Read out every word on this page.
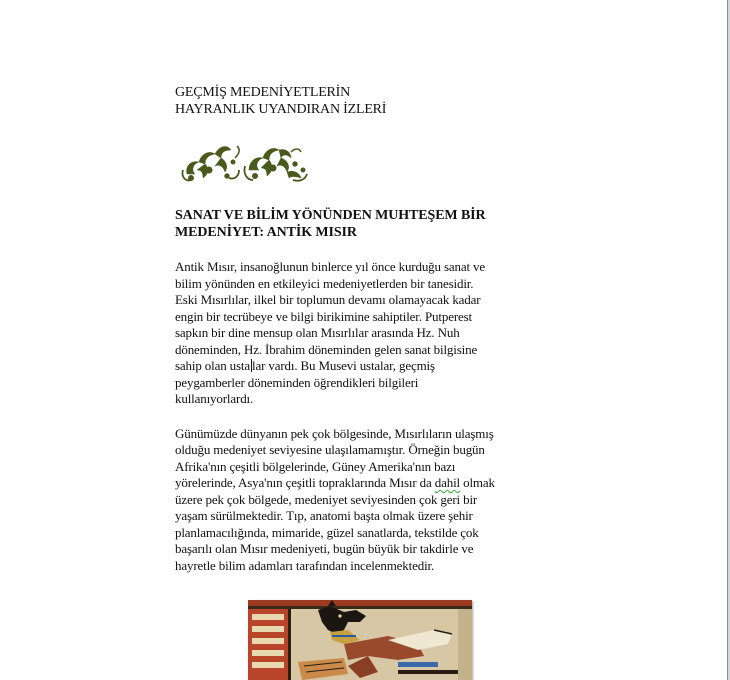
GEÇMİŞ MEDENİYETLERİN
HAYRANLIK UYANDIRAN İZLERİ
SANAT VE BİLİM YÖNÜNDEN MUHTEŞEM BİR
MEDENİYET: ANTİK MISIR
Antik Mısır, insanoğlunun binlerce yıl önce kurduğu sanat ve
bilim yönünden en etkileyici medeniyetlerden bir tanesidir.
Eski Mısırlılar, ilkel bir toplumun devamı olamayacak kadar
engin bir tecrübeye ve bilgi birikimine sahiptiler. Putperest
sapkın bir dine mensup olan Mısırlılar arasında Hz. Nuh
döneminden, Hz. İbrahim döneminden gelen sanat bilgisine
sahip olan usta lar vardı. Bu Musevi ustalar, geçmiş
peygamberler döneminden öğrendikleri bilgileri
kullanıyorlardı.
Günümüzde dünyanın pek çok bölgesinde, Mısırlıların ulaşmış
olduğu medeniyet seviyesine ulaşılamamıştır. Örneğin bugün
Afrika'nın çeşitli bölgelerinde, Güney Amerika'nın bazı
yörelerinde, Asya'nın çeşitli topraklarında Mısır da dahil olmak
üzere pek çok bölgede, medeniyet seviyesinden çok geri bir
yaşam sürülmektedir. Tıp, anatomi başta olmak üzere şehir
planlamacılığında, mimaride, güzel sanatlarda, tekstilde çok
başarılı olan Mısır medeniyeti, bugün büyük bir takdirle ve
hayretle bilim adamları tarafından incelenmektedir.
